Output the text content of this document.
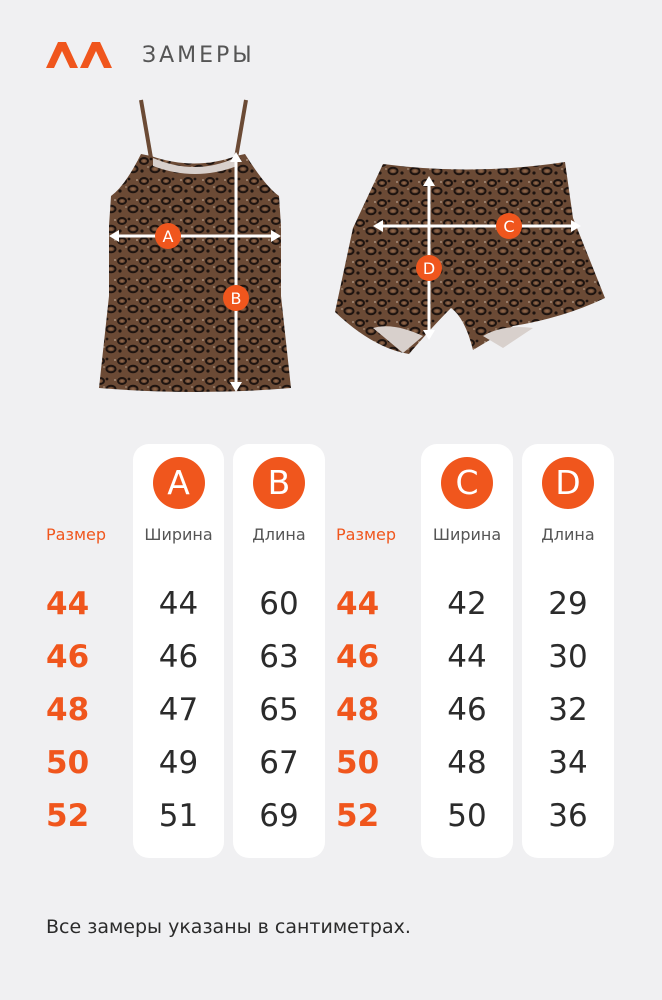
ЗАМЕРЫ
A
B
C
D
Размер
44
46
48
50
52
A
Ширина
44
46
47
49
51
B
Длина
60
63
65
67
69
Размер
44
46
48
50
52
C
Ширина
42
44
46
48
50
D
Длина
29
30
32
34
36
Все замеры указаны в сантиметрах.
